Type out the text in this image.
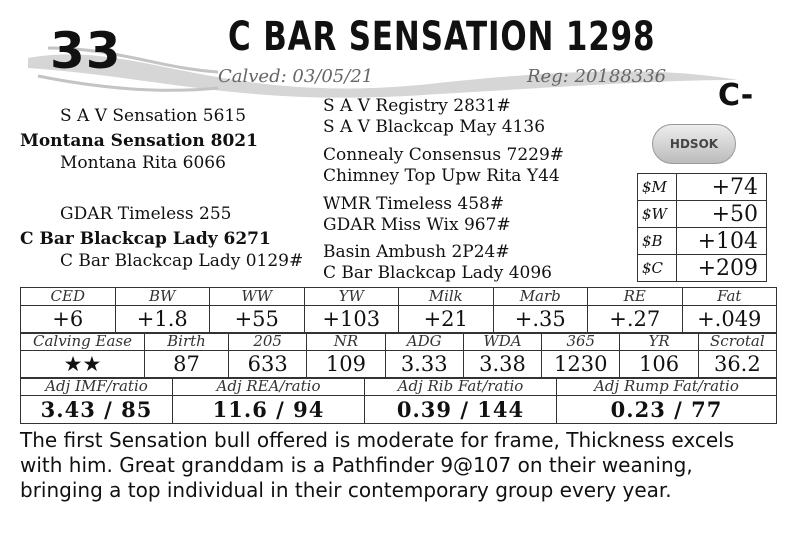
33	C BAR SENSATION 1298
Calved: 03/05/21	Reg: 20188336
C-
HDSOK
S A V Sensation 5615
Montana Sensation 8021
Montana Rita 6066
GDAR Timeless 255
C Bar Blackcap Lady 6271
C Bar Blackcap Lady 0129#
S A V Registry 2831#
S A V Blackcap May 4136
Connealy Consensus 7229#
Chimney Top Upw Rita Y44
WMR Timeless 458#
GDAR Miss Wix 967#
Basin Ambush 2P24#
C Bar Blackcap Lady 4096
$M	+74
$W	+50
$B	+104
$C	+209
CED	BW	WW	YW	Milk	Marb	RE	Fat
+6	+1.8	+55	+103	+21	+.35	+.27	+.049
Calving Ease	Birth	205	NR	ADG	WDA	365	YR	Scrotal
★★	87	633	109	3.33	3.38	1230	106	36.2
Adj IMF/ratio	Adj REA/ratio	Adj Rib Fat/ratio	Adj Rump Fat/ratio
3.43 / 85	11.6 / 94	0.39 / 144	0.23 / 77
The first Sensation bull offered is moderate for frame, Thickness excels with him. Great granddam is a Pathfinder 9@107 on their weaning, bringing a top individual in their contemporary group every year.
